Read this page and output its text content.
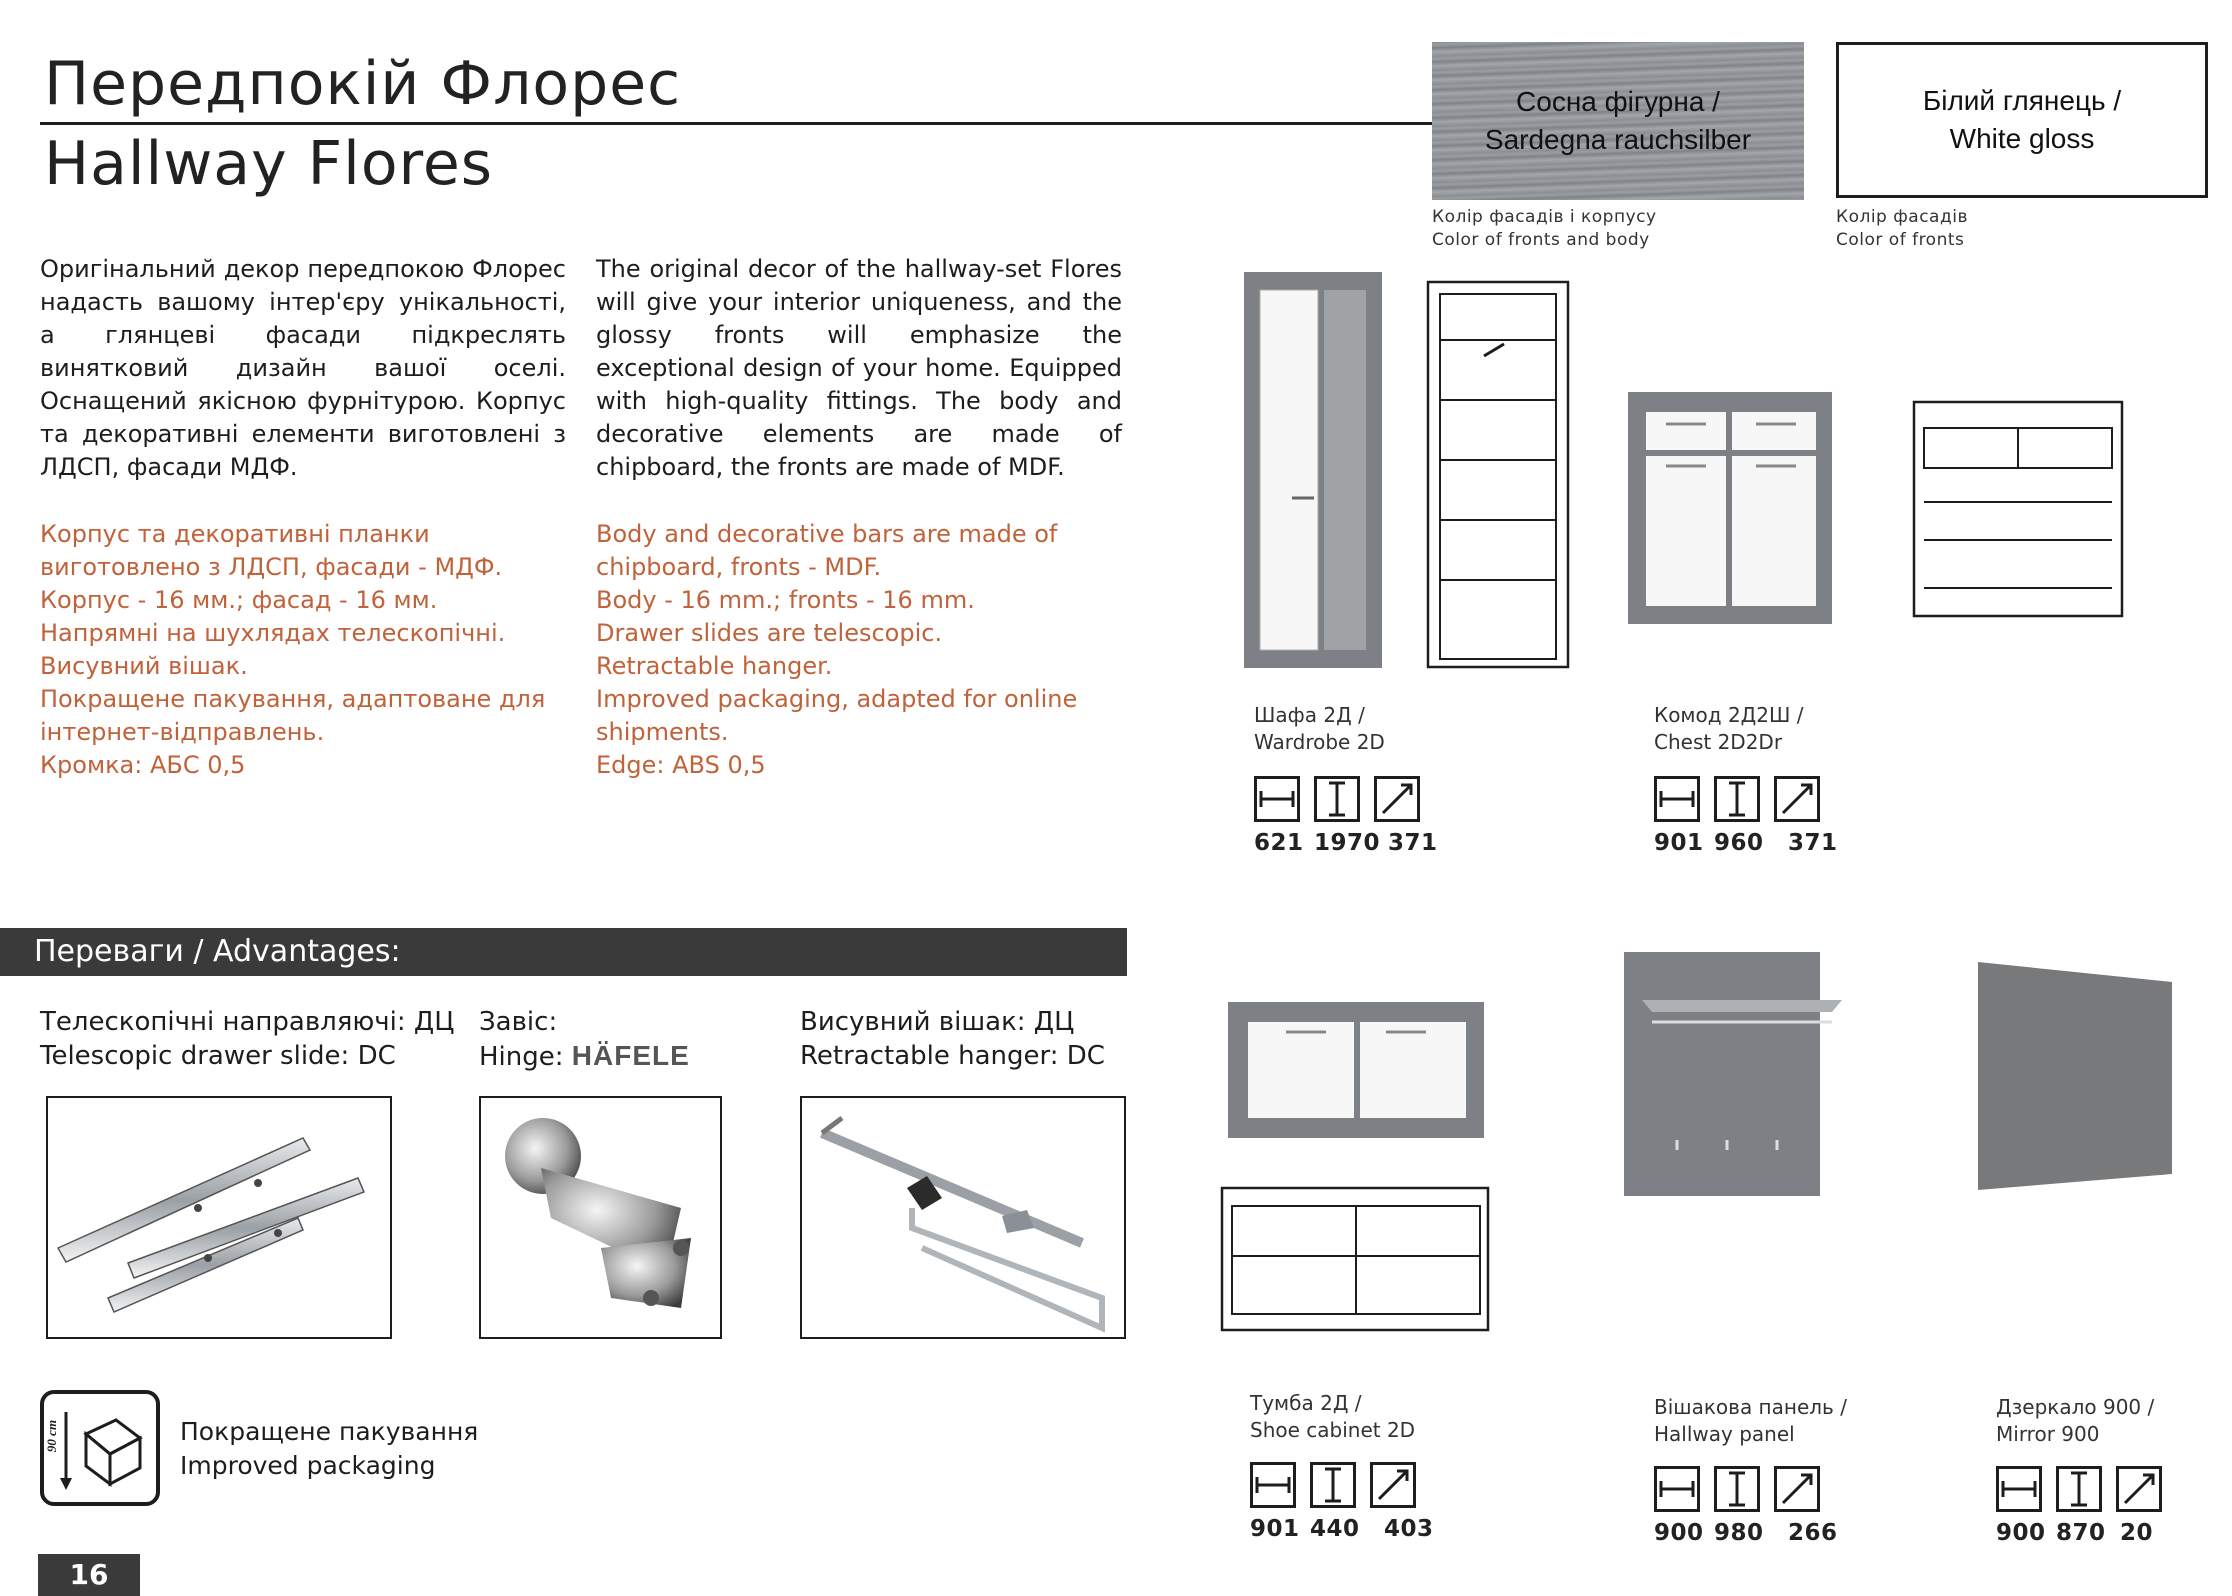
Передпокій Флорес
Hallway Flores
Сосна фігурна / Sardegna rauchsilber
Колір фасадів і корпусу
Color of fronts and body
Білий глянець / White gloss
Колір фасадів
Color of fronts
Оригінальний декор передпокою Флорес надасть вашому інтер'єру унікальності, а глянцеві фасади підкреслять винятковий дизайн вашої оселі. Оснащений якісною фурнітурою. Корпус та декоративні елементи виготовлені з ЛДСП, фасади МДФ.
The original decor of the hallway-set Flores will give your interior uniqueness, and the glossy fronts will emphasize the exceptional design of your home. Equipped with high-quality fittings. The body and decorative elements are made of chipboard, the fronts are made of MDF.
Корпус та декоративні планки виготовлено з ЛДСП, фасади - МДФ.
Корпус - 16 мм.; фасад - 16 мм.
Напрямні на шухлядах телескопічні.
Висувний вішак.
Покращене пакування, адаптоване для інтернет-відправлень.
Кромка: АБС 0,5
Body and decorative bars are made of chipboard, fronts - MDF.
Body - 16 mm.; fronts - 16 mm.
Drawer slides are telescopic.
Retractable hanger.
Improved packaging, adapted for online shipments.
Edge: ABS 0,5
Переваги / Advantages:
Телескопічні направляючі: ДЦ
Telescopic drawer slide: DC
Завіс:
Hinge: HÄFELE
Висувний вішак: ДЦ
Retractable hanger: DC
90 cm	Покращене пакування
Improved packaging
16
Шафа 2Д /
Wardrobe 2D
621 1970 371
Комод 2Д2Ш /
Chest 2D2Dr
901 960 371
Тумба 2Д /
Shoe cabinet 2D
901 440 403
Вішакова панель /
Hallway panel
900 980 266
Дзеркало 900 /
Mirror 900
900 870 20
